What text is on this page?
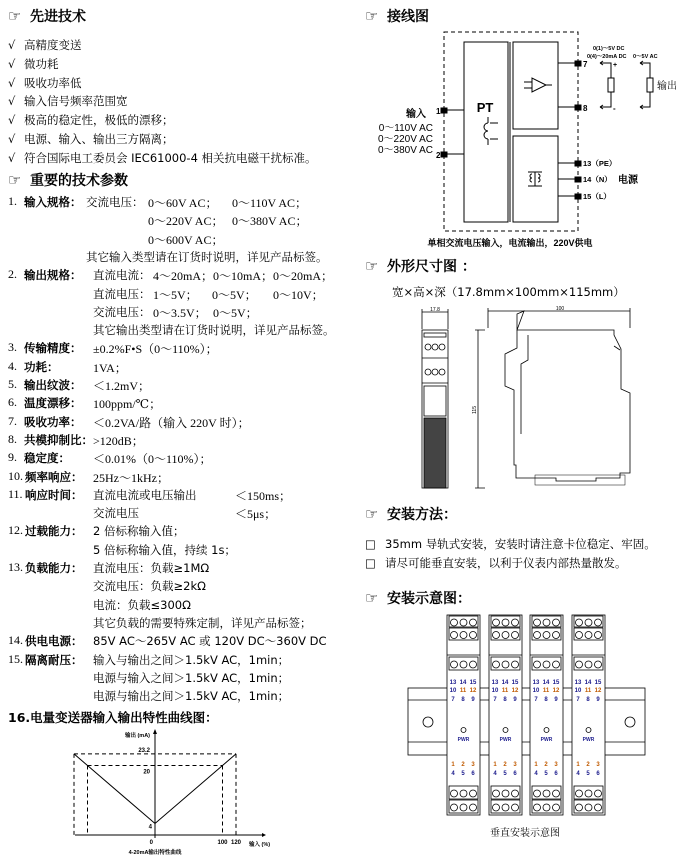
☞ 先进技术
√ 高精度变送
√ 微功耗
√ 吸收功率低
√ 输入信号频率范围宽
√ 极高的稳定性，极低的漂移；
√ 电源、输入、输出三方隔离；
√ 符合国际电工委员会 IEC61000-4 相关抗电磁干扰标准。
☞ 重要的技术参数
1. 输入规格： 交流电压： 0～60V AC； 0～110V AC；
0～220V AC； 0～380V AC；
0～600V AC；
其它输入类型请在订货时说明，详见产品标签。
2. 输出规格： 直流电流： 4～20mA； 0～10mA； 0～20mA；
直流电压： 1～5V； 0～5V； 0～10V；
交流电压： 0～3.5V； 0～5V；
其它输出类型请在订货时说明，详见产品标签。
3. 传输精度： ±0.2%F•S（0～110%）；
4. 功耗：	1VA；
5. 输出纹波： ＜1.2mV；
6. 温度漂移： 100ppm/℃；
7. 吸收功率： ＜0.2VA/路（输入 220V 时）；
8. 共模抑制比： >120dB；
9. 稳定度： ＜0.01%（0～110%）；
10. 频率响应： 25Hz～1kHz；
11. 响应时间： 直流电流或电压输出	＜150ms；
交流电压	＜5μs；
12. 过载能力： 2 倍标称输入值；
5 倍标称输入值，持续 1s；
13. 负载能力： 直流电压：负载≥1MΩ
交流电压：负载≥2kΩ
电流：负载≤300Ω
其它负载的需要特殊定制，详见产品标签；
14. 供电电源： 85V AC～265V AC 或 120V DC～360V DC
15. 隔离耐压： 输入与输出之间＞1.5kV AC，1min；
电源与输入之间＞1.5kV AC，1min；
电源与输出之间＞1.5kV AC，1min；
16.电量变送器输入输出特性曲线图：
23.2
20
4
0	100 120
输出 (mA)
输入 (%)
4-20mA输出特性曲线
☞ 接线图
PT
输入
0～110V AC
0～220V AC
0～380V AC
1
2
7
8
13（PE）
14（N）
15（L）
电源
0(1)～5V DC
0(4)～20mA DC 0～5V AC
+
-
输出
单相交流电压输入，电流输出，220V供电
☞ 外形尺寸图 ：
宽×高×深（17.8mm×100mm×115mm）
17.8	100
115
☞ 安装方法：
□ 35mm 导轨式安装，安装时请注意卡位稳定、牢固。
□ 请尽可能垂直安装，以利于仪表内部热量散发。
☞ 安装示意图：
13 14 15
10 11 12
7 8 9
1 2 3
4 5 6
PWR
13 14 15
10 11 12
7 8 9
1 2 3
4 5 6
PWR
13 14 15
10 11 12
7 8 9
1 2 3
4 5 6
PWR
13 14 15
10 11 12
7 8 9
1 2 3
4 5 6
PWR
垂直安装示意图
